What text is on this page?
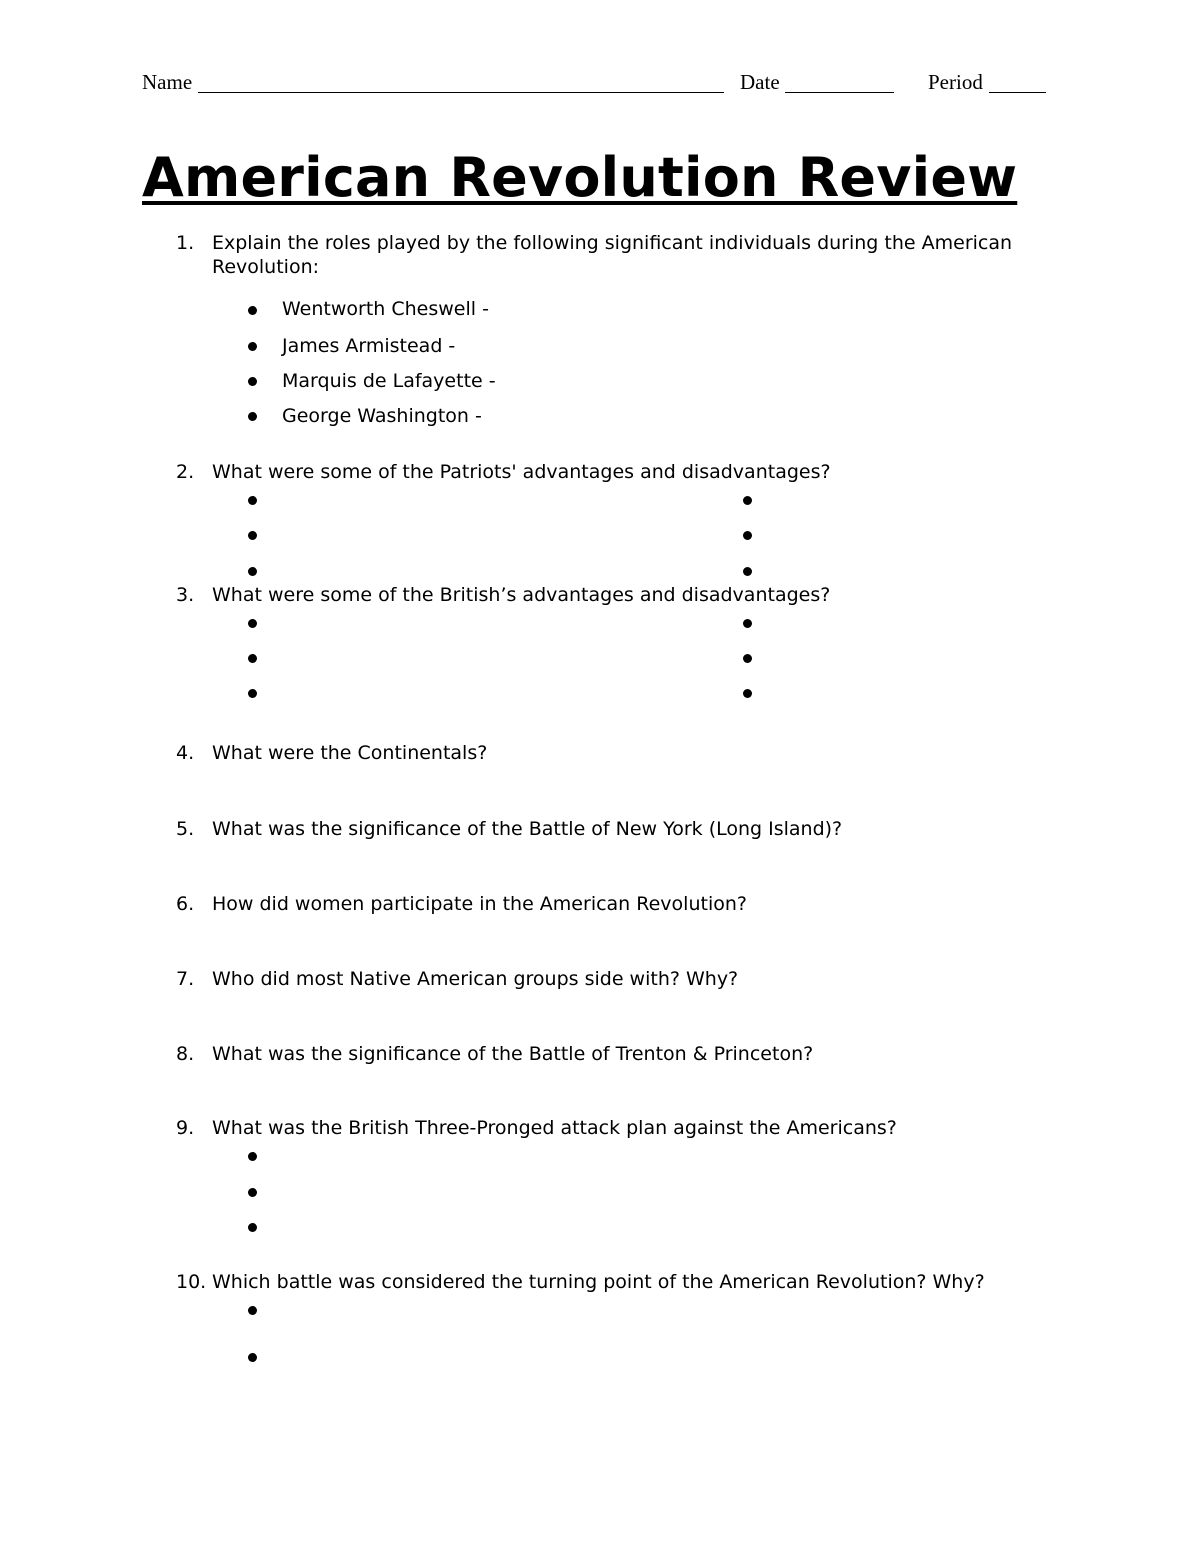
Name	Date	Period
American Revolution Review
1. Explain the roles played by the following significant individuals during the American Revolution:
Wentworth Cheswell -
James Armistead -
Marquis de Lafayette -
George Washington -
2. What were some of the Patriots' advantages and disadvantages?
3. What were some of the British’s advantages and disadvantages?
4. What were the Continentals?
5. What was the significance of the Battle of New York (Long Island)?
6. How did women participate in the American Revolution?
7. Who did most Native American groups side with? Why?
8. What was the significance of the Battle of Trenton & Princeton?
9. What was the British Three-Pronged attack plan against the Americans?
10. Which battle was considered the turning point of the American Revolution? Why?
